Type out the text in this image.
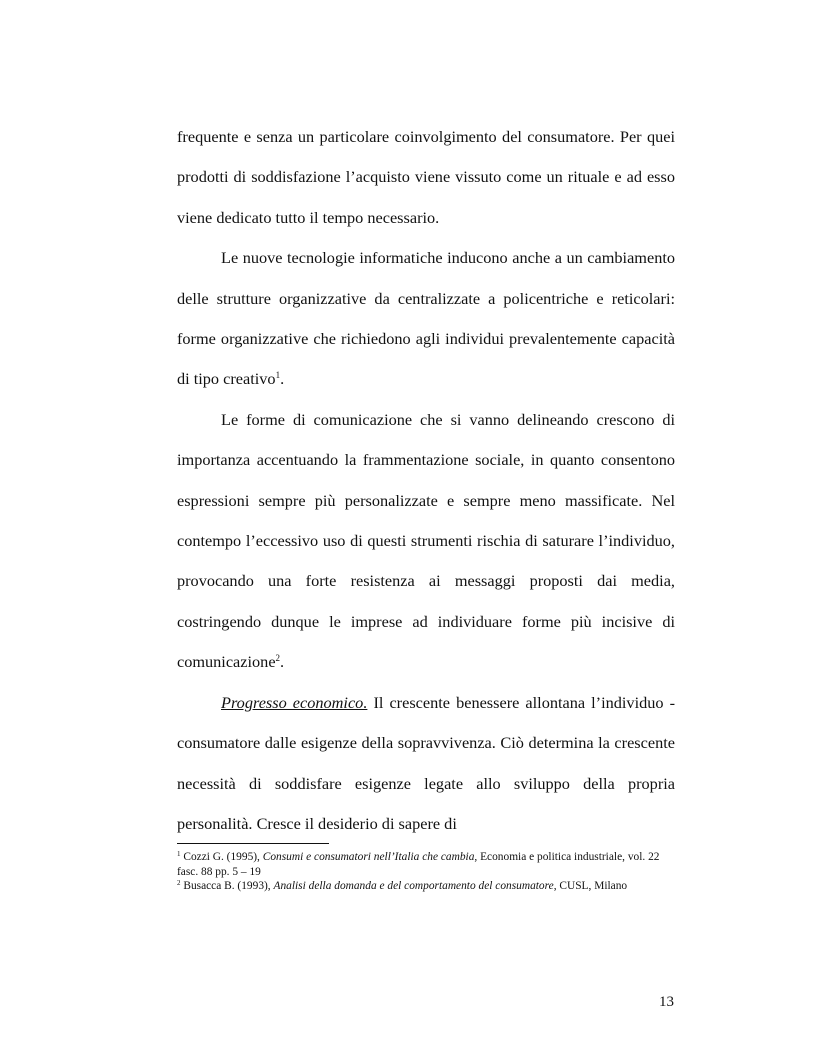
frequente e senza un particolare coinvolgimento del consumatore. Per quei prodotti di soddisfazione l’acquisto viene vissuto come un rituale e ad esso viene dedicato tutto il tempo necessario.

Le nuove tecnologie informatiche inducono anche a un cambiamento delle strutture organizzative da centralizzate a policentriche e reticolari: forme organizzative che richiedono agli individui prevalentemente capacità di tipo creativo$^1$.

Le forme di comunicazione che si vanno delineando crescono di importanza accentuando la frammentazione sociale, in quanto consentono espressioni sempre più personalizzate e sempre meno massificate. Nel contempo l’eccessivo uso di questi strumenti rischia di saturare l’individuo, provocando una forte resistenza ai messaggi proposti dai media, costringendo dunque le imprese ad individuare forme più incisive di comunicazione$^2$.

Progresso economico. Il crescente benessere allontana l’individuo - consumatore dalle esigenze della sopravvivenza. Ciò determina la crescente necessità di soddisfare esigenze legate allo sviluppo della propria personalità. Cresce il desiderio di sapere di

$^1$ Cozzi G. (1995), Consumi e consumatori nell’Italia che cambia, Economia e politica industriale, vol. 22 fasc. 88 pp. 5 – 19

$^2$ Busacca B. (1993), Analisi della domanda e del comportamento del consumatore, CUSL, Milano

13
